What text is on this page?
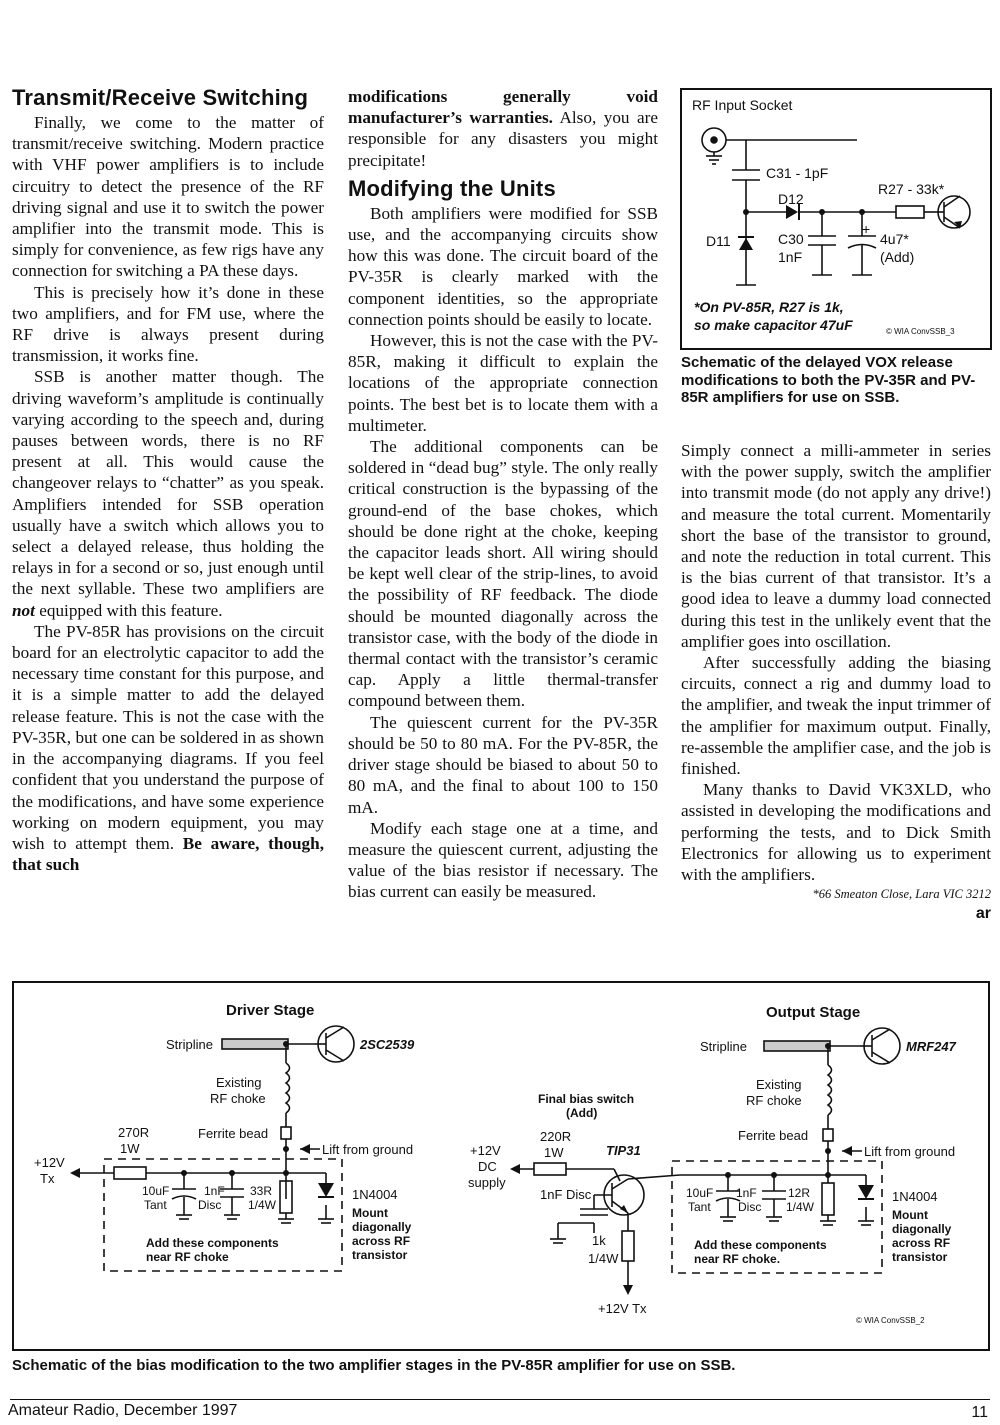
Transmit/Receive Switching

Finally, we come to the matter of transmit/receive switching. Modern practice with VHF power amplifiers is to include circuitry to detect the presence of the RF driving signal and use it to switch the power amplifier into the transmit mode. This is simply for convenience, as few rigs have any connection for switching a PA these days.

This is precisely how it’s done in these two amplifiers, and for FM use, where the RF drive is always present during transmission, it works fine.

SSB is another matter though. The driving waveform’s amplitude is continually varying according to the speech and, during pauses between words, there is no RF present at all. This would cause the changeover relays to “chatter” as you speak. Amplifiers intended for SSB operation usually have a switch which allows you to select a delayed release, thus holding the relays in for a second or so, just enough until the next syllable. These two amplifiers are not equipped with this feature.

The PV-85R has provisions on the circuit board for an electrolytic capacitor to add the necessary time constant for this purpose, and it is a simple matter to add the delayed release feature. This is not the case with the PV-35R, but one can be soldered in as shown in the accompanying diagrams. If you feel confident that you understand the purpose of the modifications, and have some experience working on modern equipment, you may wish to attempt them. Be aware, though, that such

modifications generally void manufacturer’s warranties. Also, you are responsible for any disasters you might precipitate!

Modifying the Units

Both amplifiers were modified for SSB use, and the accompanying circuits show how this was done. The circuit board of the PV-35R is clearly marked with the component identities, so the appropriate connection points should be easily to locate.

However, this is not the case with the PV-85R, making it difficult to explain the locations of the appropriate connection points. The best bet is to locate them with a multimeter.

The additional components can be soldered in “dead bug” style. The only really critical construction is the bypassing of the ground-end of the base chokes, which should be done right at the choke, keeping the capacitor leads short. All wiring should be kept well clear of the strip-lines, to avoid the possibility of RF feedback. The diode should be mounted diagonally across the transistor case, with the body of the diode in thermal contact with the transistor’s ceramic cap. Apply a little thermal-transfer compound between them.

The quiescent current for the PV-35R should be 50 to 80 mA. For the PV-85R, the driver stage should be biased to about 50 to 80 mA, and the final to about 100 to 150 mA.

Modify each stage one at a time, and measure the quiescent current, adjusting the value of the bias resistor if necessary. The bias current can easily be measured.

RF Input Socket
C31 - 1pF
D12
R27 - 33k*
D11	C30
1nF
+
4u7*
(Add)
*On PV-85R, R27 is 1k,
so make capacitor 47uF	© WIA ConvSSB_3
Schematic of the delayed VOX release modifications to both the PV-35R and PV-85R amplifiers for use on SSB.

Simply connect a milli-ammeter in series with the power supply, switch the amplifier into transmit mode (do not apply any drive!) and measure the total current. Momentarily short the base of the transistor to ground, and note the reduction in total current. This is the bias current of that transistor. It’s a good idea to leave a dummy load connected during this test in the unlikely event that the amplifier goes into oscillation.

After successfully adding the biasing circuits, connect a rig and dummy load to the amplifier, and tweak the input trimmer of the amplifier for maximum output. Finally, re-assemble the amplifier case, and the job is finished.

Many thanks to David VK3XLD, who assisted in developing the modifications and performing the tests, and to Dick Smith Electronics for allowing us to experiment with the amplifiers.

*66 Smeaton Close, Lara VIC 3212
ar
Driver Stage	Output Stage
Stripline	Stripline
2SC2539	MRF247
Existing
RF choke
Existing
RF choke
Ferrite bead	Ferrite bead
Lift from ground	Lift from ground
270R
1W
+12V
Tx
10uF
Tant
1nF
Disc
33R
1/4W
1N4004
Mount
diagonally
across RF
transistor
Add these components
near RF choke
10uF
Tant
1nF
Disc
12R
1/4W
1N4004
Mount
diagonally
across RF
transistor
Add these components
near RF choke.
Final bias switch
(Add)
220R
1W	TIP31
+12V
DC
supply
1nF Disc
1k
1/4W
+12V Tx
© WIA ConvSSB_2
Schematic of the bias modification to the two amplifier stages in the PV-85R amplifier for use on SSB.
Amateur Radio, December 1997	11
